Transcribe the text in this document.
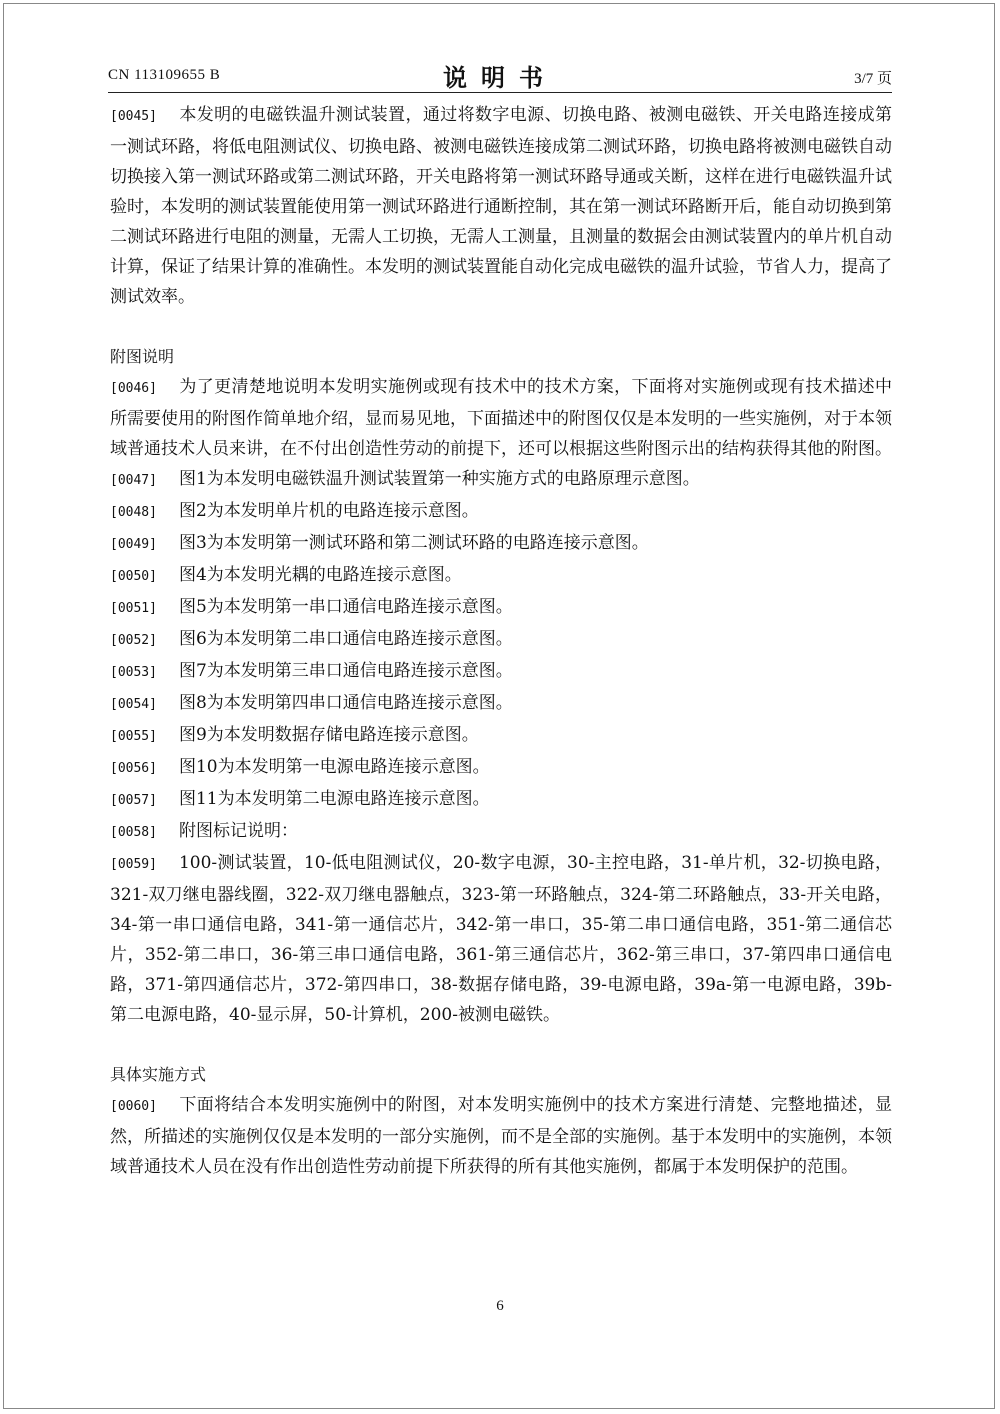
CN 113109655 B	说明书	3/7 页

[0045] 本发明的电磁铁温升测试装置，通过将数字电源、切换电路、被测电磁铁、开关电路连接成第一测试环路，将低电阻测试仪、切换电路、被测电磁铁连接成第二测试环路，切换电路将被测电磁铁自动切换接入第一测试环路或第二测试环路，开关电路将第一测试环路导通或关断，这样在进行电磁铁温升试验时，本发明的测试装置能使用第一测试环路进行通断控制，其在第一测试环路断开后，能自动切换到第二测试环路进行电阻的测量，无需人工切换，无需人工测量，且测量的数据会由测试装置内的单片机自动计算，保证了结果计算的准确性。本发明的测试装置能自动化完成电磁铁的温升试验，节省人力，提高了测试效率。

附图说明

[0046] 为了更清楚地说明本发明实施例或现有技术中的技术方案，下面将对实施例或现有技术描述中所需要使用的附图作简单地介绍，显而易见地，下面描述中的附图仅仅是本发明的一些实施例，对于本领域普通技术人员来讲，在不付出创造性劳动的前提下，还可以根据这些附图示出的结构获得其他的附图。

[0047] 图1为本发明电磁铁温升测试装置第一种实施方式的电路原理示意图。

[0048] 图2为本发明单片机的电路连接示意图。

[0049] 图3为本发明第一测试环路和第二测试环路的电路连接示意图。

[0050] 图4为本发明光耦的电路连接示意图。

[0051] 图5为本发明第一串口通信电路连接示意图。

[0052] 图6为本发明第二串口通信电路连接示意图。

[0053] 图7为本发明第三串口通信电路连接示意图。

[0054] 图8为本发明第四串口通信电路连接示意图。

[0055] 图9为本发明数据存储电路连接示意图。

[0056] 图10为本发明第一电源电路连接示意图。

[0057] 图11为本发明第二电源电路连接示意图。

[0058] 附图标记说明：

[0059] 100-测试装置，10-低电阻测试仪，20-数字电源，30-主控电路，31-单片机，32-切换电路，321-双刀继电器线圈，322-双刀继电器触点，323-第一环路触点，324-第二环路触点，33-开关电路，34-第一串口通信电路，341-第一通信芯片，342-第一串口，35-第二串口通信电路，351-第二通信芯片，352-第二串口，36-第三串口通信电路，361-第三通信芯片，362-第三串口，37-第四串口通信电路，371-第四通信芯片，372-第四串口，38-数据存储电路，39-电源电路，39a-第一电源电路，39b-第二电源电路，40-显示屏，50-计算机，200-被测电磁铁。

具体实施方式

[0060] 下面将结合本发明实施例中的附图，对本发明实施例中的技术方案进行清楚、完整地描述，显然，所描述的实施例仅仅是本发明的一部分实施例，而不是全部的实施例。基于本发明中的实施例，本领域普通技术人员在没有作出创造性劳动前提下所获得的所有其他实施例，都属于本发明保护的范围。

6
